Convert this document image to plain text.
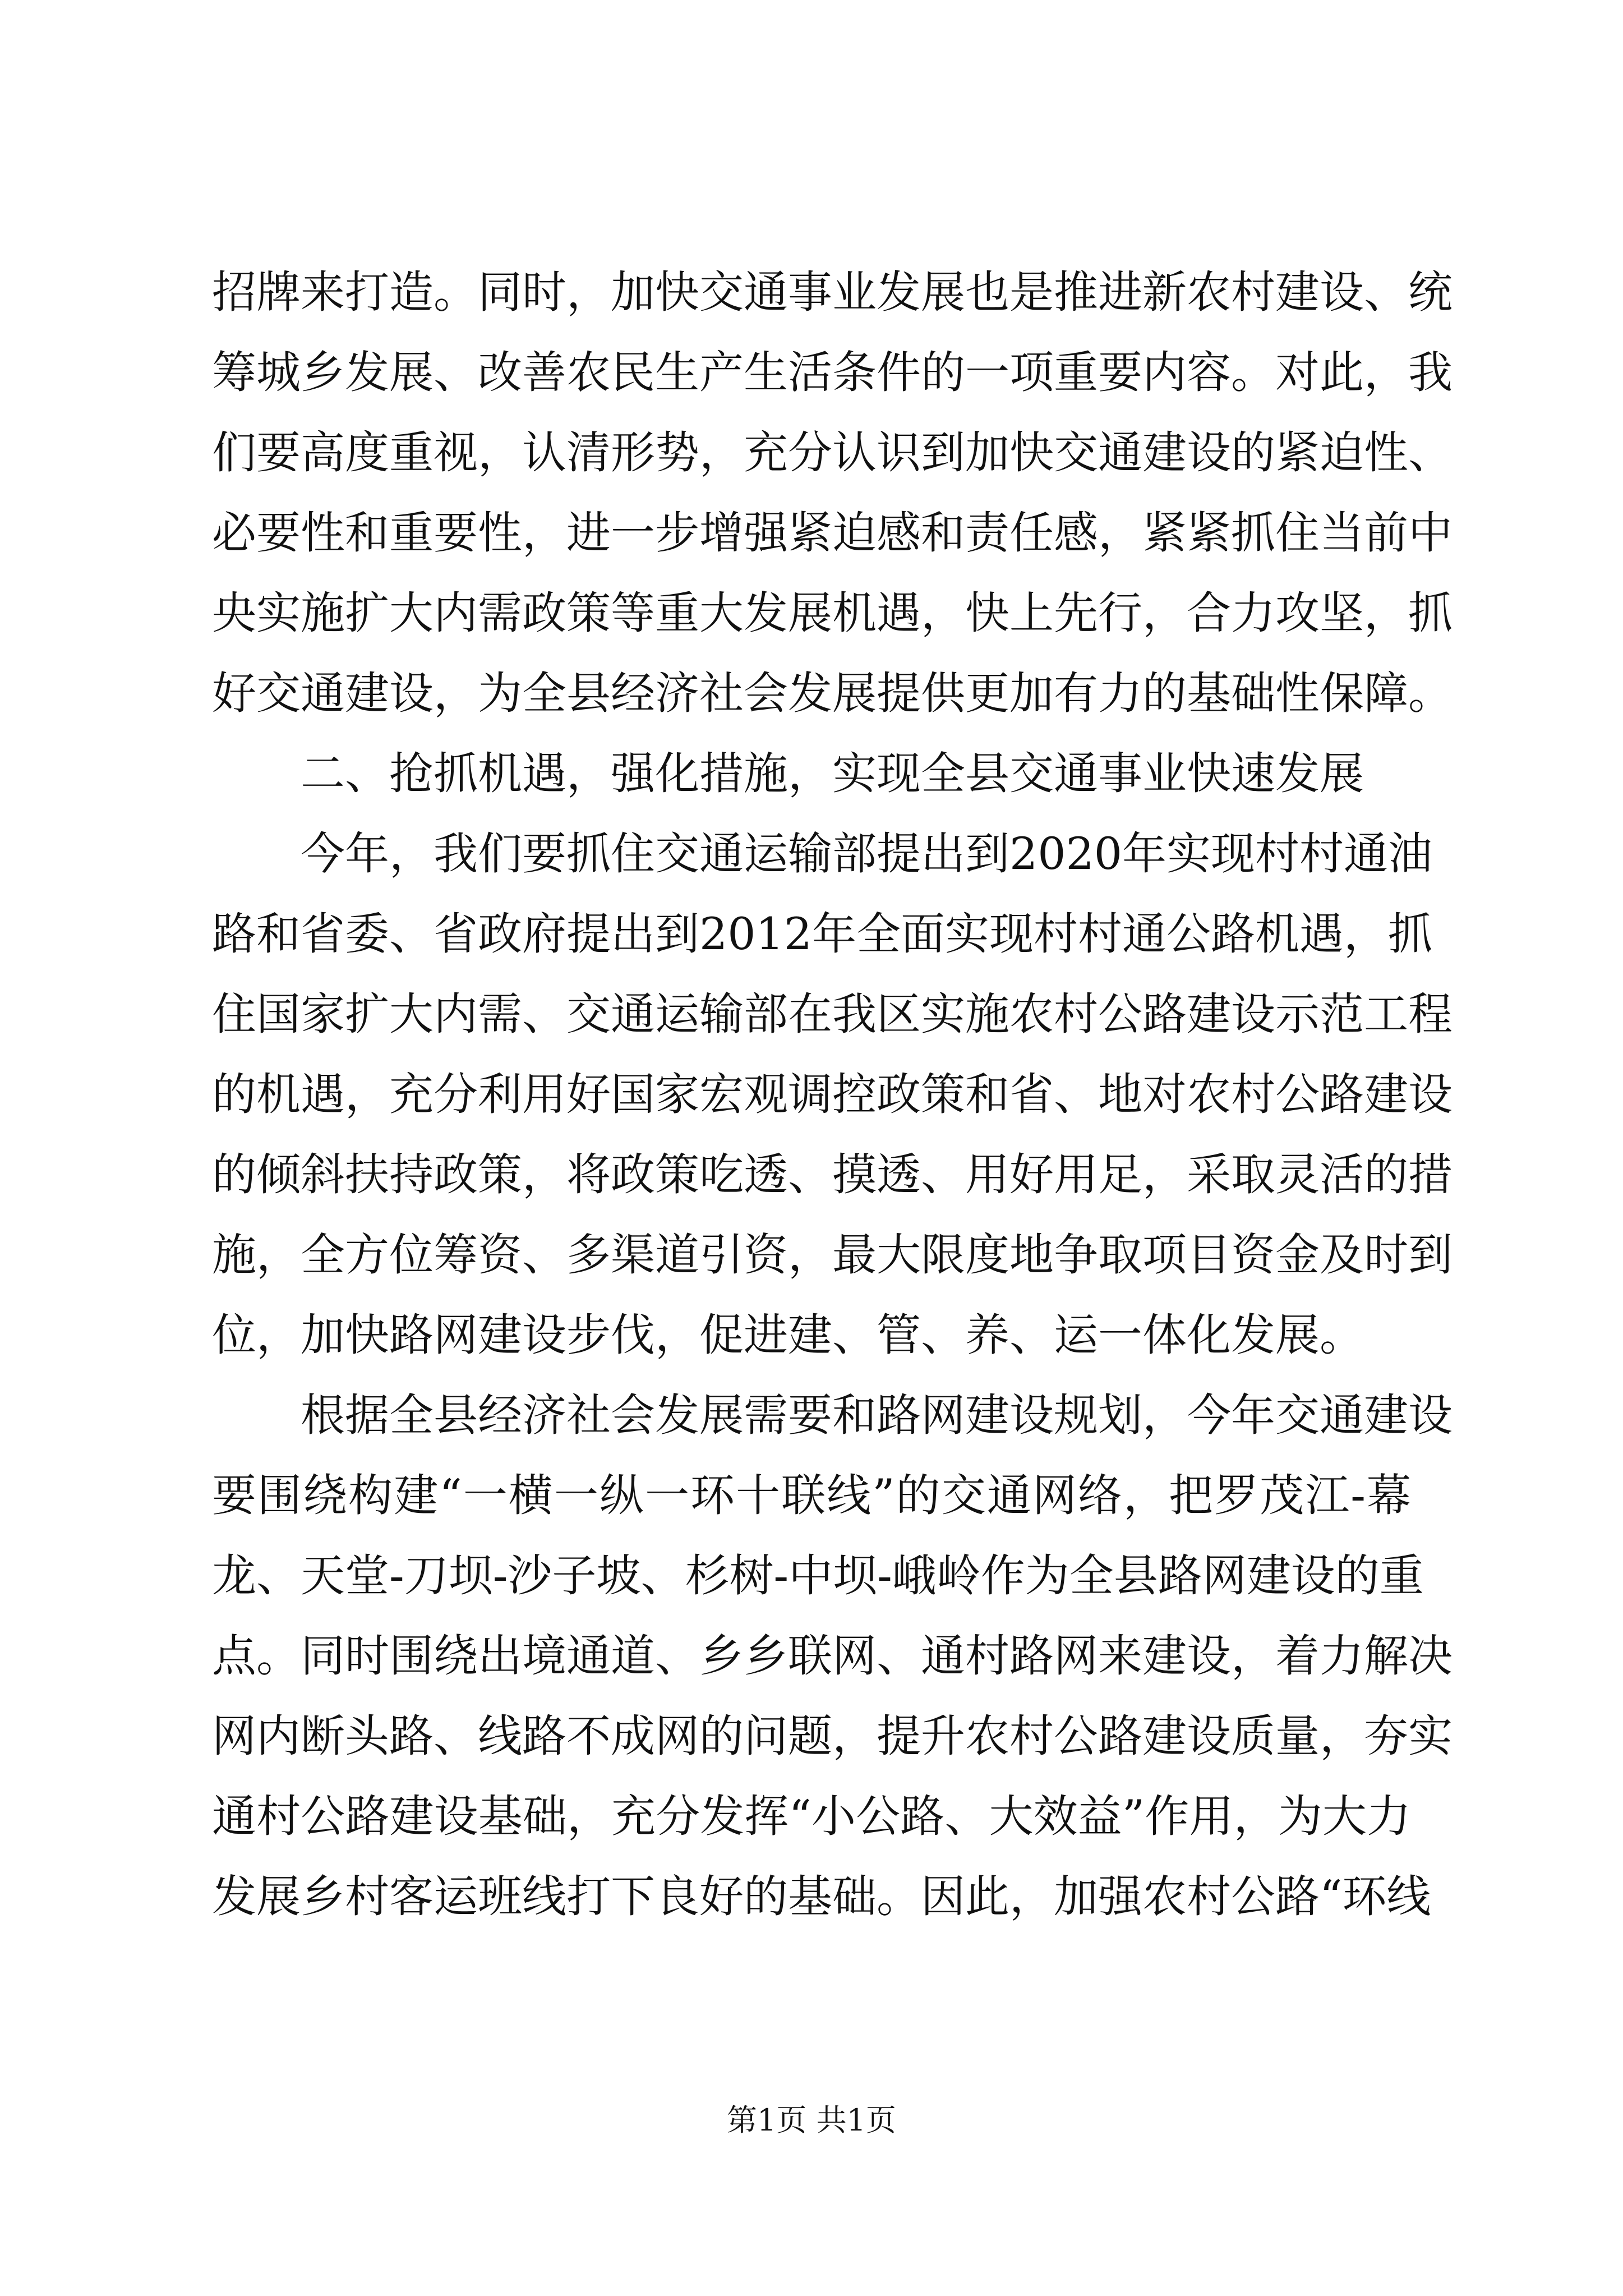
招牌来打造。同时，加快交通事业发展也是推进新农村建设、统
筹城乡发展、改善农民生产生活条件的一项重要内容。对此，我
们要高度重视，认清形势，充分认识到加快交通建设的紧迫性、
必要性和重要性，进一步增强紧迫感和责任感，紧紧抓住当前中
央实施扩大内需政策等重大发展机遇，快上先行，合力攻坚，抓
好交通建设，为全县经济社会发展提供更加有力的基础性保障。
二、抢抓机遇，强化措施，实现全县交通事业快速发展
今年，我们要抓住交通运输部提出到2020年实现村村通油
路和省委、省政府提出到2012年全面实现村村通公路机遇，抓
住国家扩大内需、交通运输部在我区实施农村公路建设示范工程
的机遇，充分利用好国家宏观调控政策和省、地对农村公路建设
的倾斜扶持政策，将政策吃透、摸透、用好用足，采取灵活的措
施，全方位筹资、多渠道引资，最大限度地争取项目资金及时到
位，加快路网建设步伐，促进建、管、养、运一体化发展。
根据全县经济社会发展需要和路网建设规划，今年交通建设
要围绕构建“一横一纵一环十联线”的交通网络，把罗茂江-幕
龙、天堂-刀坝-沙子坡、杉树-中坝-峨岭作为全县路网建设的重
点。同时围绕出境通道、乡乡联网、通村路网来建设，着力解决
网内断头路、线路不成网的问题，提升农村公路建设质量，夯实
通村公路建设基础，充分发挥“小公路、大效益”作用，为大力
发展乡村客运班线打下良好的基础。因此，加强农村公路“环线
第1页 共1页
